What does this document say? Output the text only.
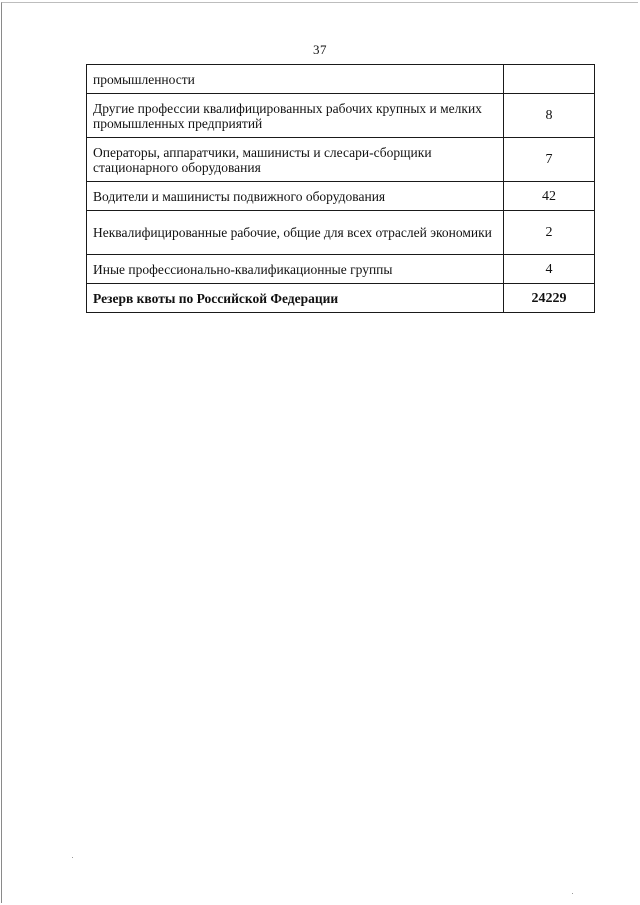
37
промышленности	
Другие профессии квалифицированных рабочих крупных и мелких промышленных предприятий	8
Операторы, аппаратчики, машинисты и слесари-сборщики стационарного оборудования	7
Водители и машинисты подвижного оборудования	42
Неквалифицированные рабочие, общие для всех отраслей экономики	2
Иные профессионально-квалификационные группы	4
Резерв квоты по Российской Федерации	24229
